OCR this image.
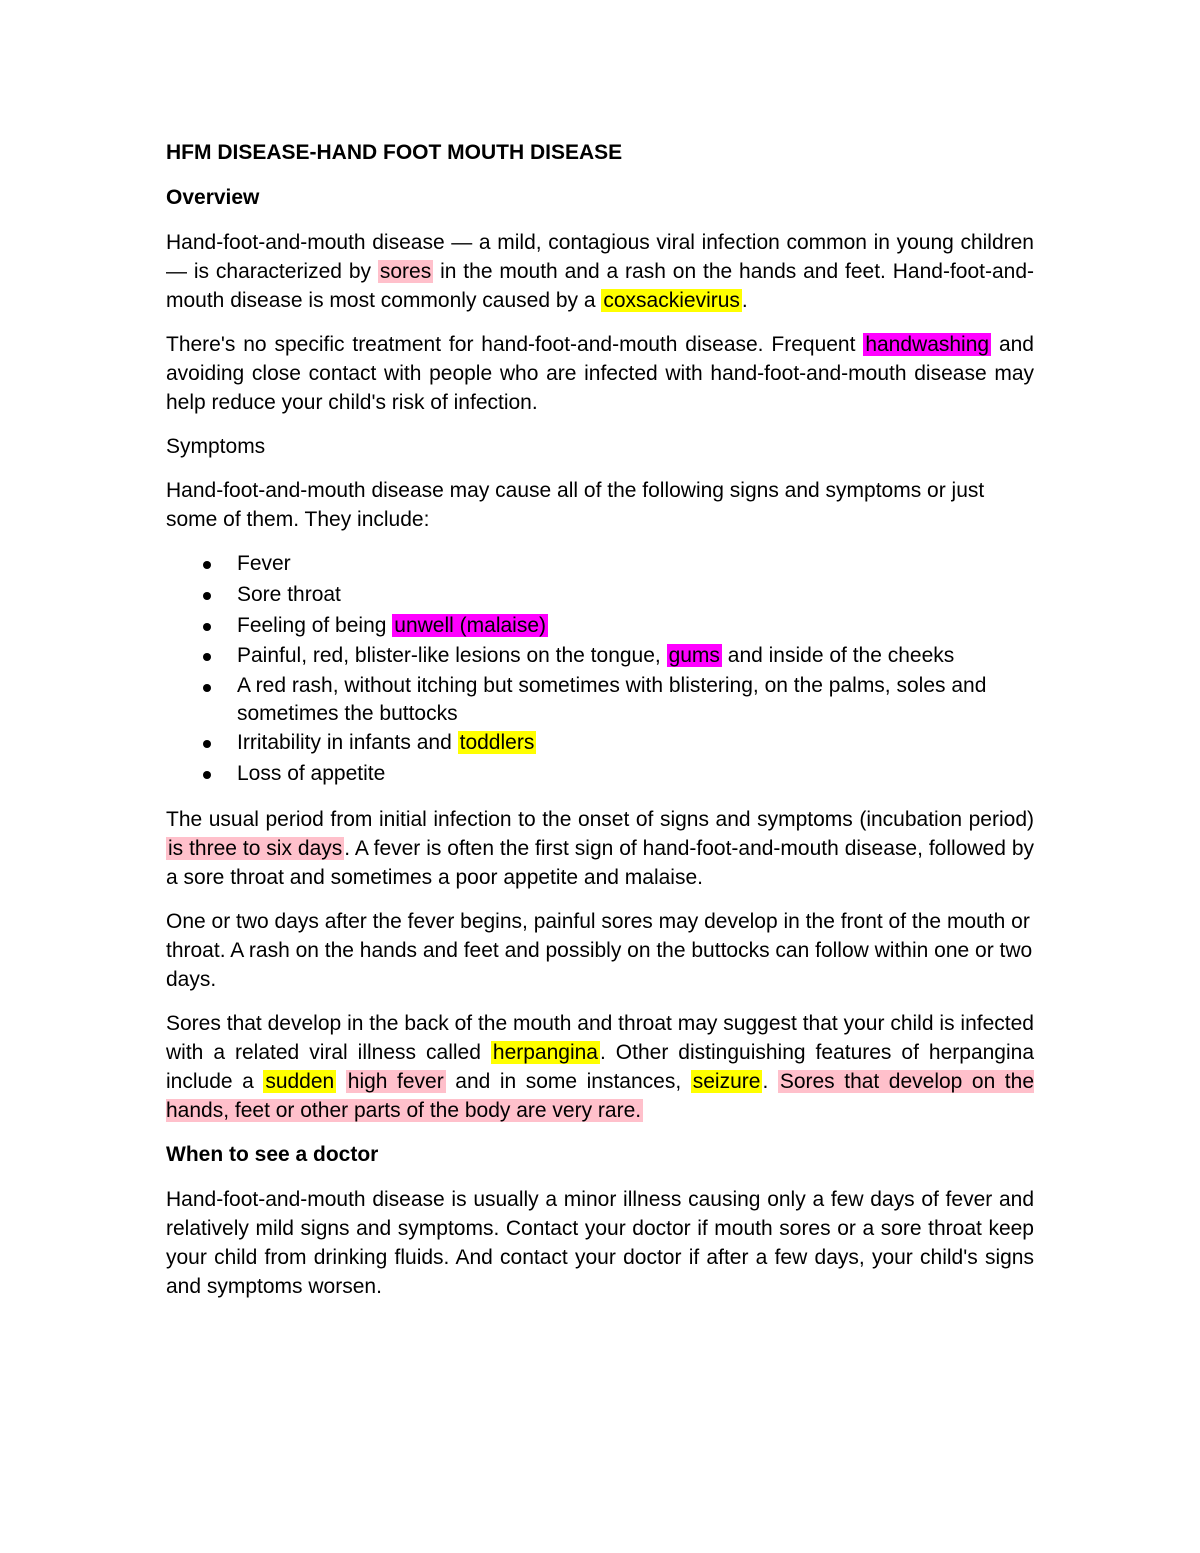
HFM DISEASE-HAND FOOT MOUTH DISEASE
Overview

Hand-foot-and-mouth disease — a mild, contagious viral infection common in young children — is characterized by sores in the mouth and a rash on the hands and feet. Hand-foot-and-mouth disease is most commonly caused by a coxsackievirus.

There's no specific treatment for hand-foot-and-mouth disease. Frequent handwashing and avoiding close contact with people who are infected with hand-foot-and-mouth disease may help reduce your child's risk of infection.

Symptoms

Hand-foot-and-mouth disease may cause all of the following signs and symptoms or just some of them. They include:

Fever
Sore throat
Feeling of being unwell (malaise)
Painful, red, blister-like lesions on the tongue, gums and inside of the cheeks
A red rash, without itching but sometimes with blistering, on the palms, soles and sometimes the buttocks
Irritability in infants and toddlers
Loss of appetite

The usual period from initial infection to the onset of signs and symptoms (incubation period) is three to six days. A fever is often the first sign of hand-foot-and-mouth disease, followed by a sore throat and sometimes a poor appetite and malaise.

One or two days after the fever begins, painful sores may develop in the front of the mouth or throat. A rash on the hands and feet and possibly on the buttocks can follow within one or two days.

Sores that develop in the back of the mouth and throat may suggest that your child is infected with a related viral illness called herpangina. Other distinguishing features of herpangina include a sudden high fever and in some instances, seizure. Sores that develop on the hands, feet or other parts of the body are very rare.

When to see a doctor

Hand-foot-and-mouth disease is usually a minor illness causing only a few days of fever and relatively mild signs and symptoms. Contact your doctor if mouth sores or a sore throat keep your child from drinking fluids. And contact your doctor if after a few days, your child's signs and symptoms worsen.
